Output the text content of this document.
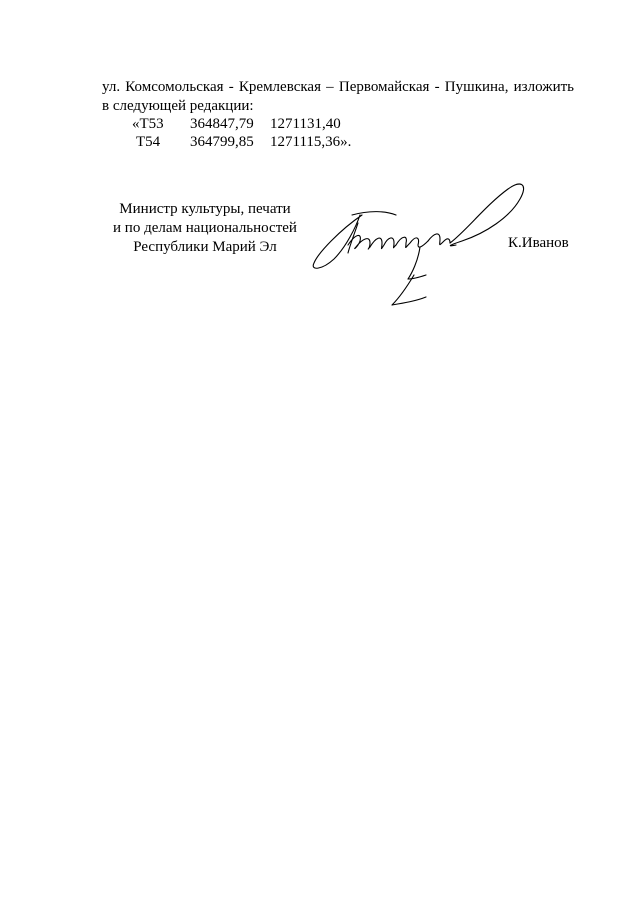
ул. Комсомольская - Кремлевская – Первомайская - Пушкина, изложить
в следующей редакции:
«Т53 364847,79 1271131,40
Т54 364799,85 1271115,36».
Министр культуры, печати
и по делам национальностей
Республики Марий Эл	К.Иванов
